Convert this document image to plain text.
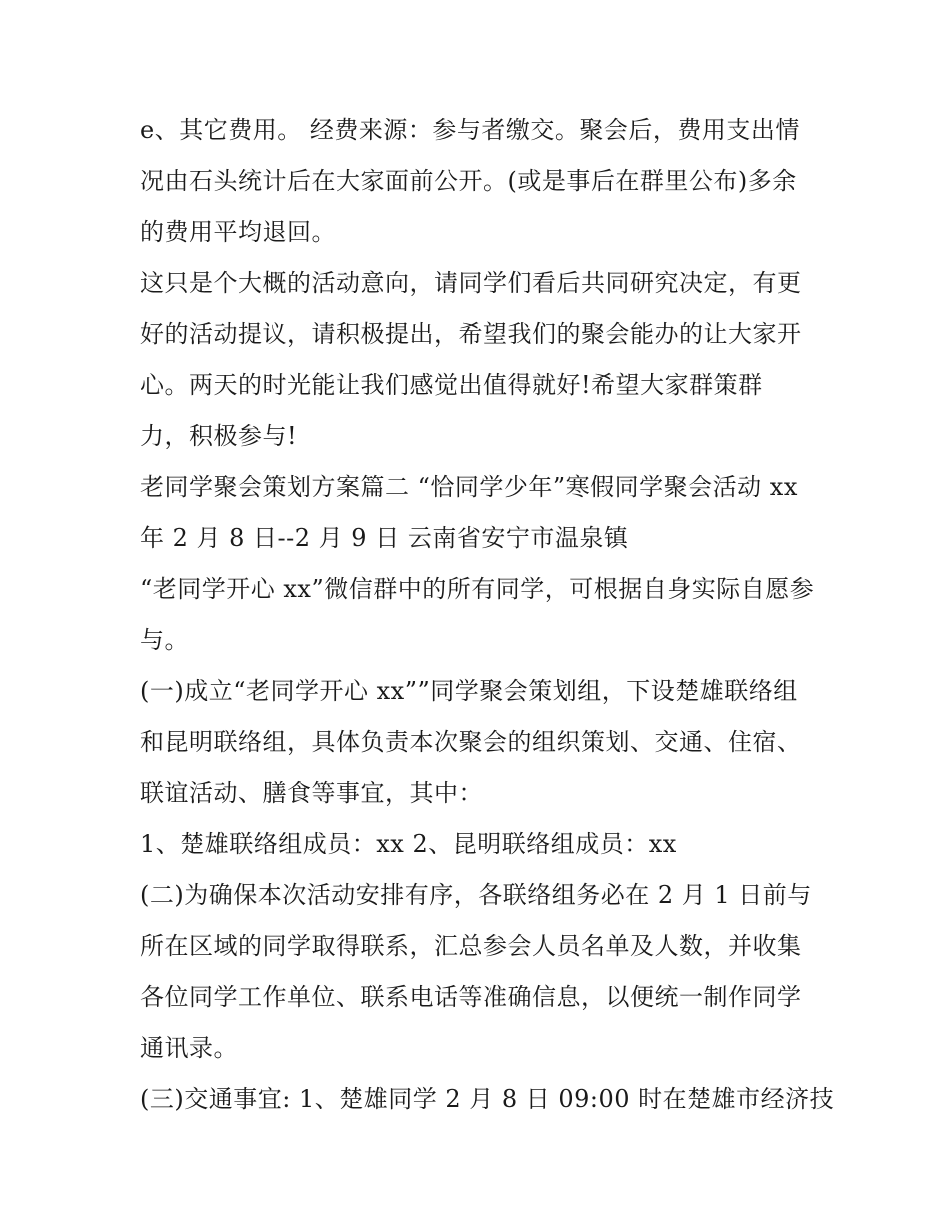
e、其它费用。 经费来源：参与者缴交。聚会后，费用支出情
况由石头统计后在大家面前公开。(或是事后在群里公布)多余
的费用平均退回。
这只是个大概的活动意向，请同学们看后共同研究决定，有更
好的活动提议，请积极提出，希望我们的聚会能办的让大家开
心。两天的时光能让我们感觉出值得就好!希望大家群策群
力，积极参与!
老同学聚会策划方案篇二 “恰同学少年”寒假同学聚会活动 xx
年 2 月 8 日--2 月 9 日 云南省安宁市温泉镇
“老同学开心 xx”微信群中的所有同学，可根据自身实际自愿参
与。
(一)成立“老同学开心 xx””同学聚会策划组，下设楚雄联络组
和昆明联络组，具体负责本次聚会的组织策划、交通、住宿、
联谊活动、膳食等事宜，其中：
1、楚雄联络组成员：xx 2、昆明联络组成员：xx
(二)为确保本次活动安排有序，各联络组务必在 2 月 1 日前与
所在区域的同学取得联系，汇总参会人员名单及人数，并收集
各位同学工作单位、联系电话等准确信息，以便统一制作同学
通讯录。
(三)交通事宜: 1、楚雄同学 2 月 8 日 09:00 时在楚雄市经济技
